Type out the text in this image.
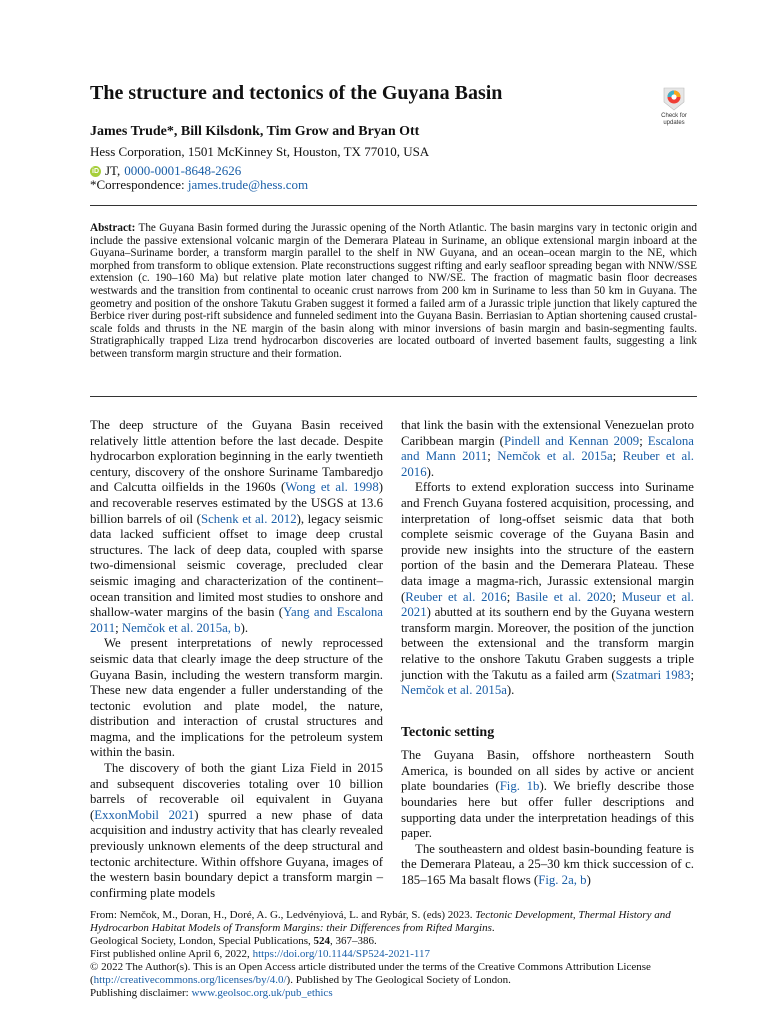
The structure and tectonics of the Guyana Basin
Check for
updates
James Trude*, Bill Kilsdonk, Tim Grow and Bryan Ott
Hess Corporation, 1501 McKinney St, Houston, TX 77010, USA
iD JT, 0000-0001-8648-2626
*Correspondence: james.trude@hess.com

Abstract: The Guyana Basin formed during the Jurassic opening of the North Atlantic. The basin margins vary in tectonic origin and include the passive extensional volcanic margin of the Demerara Plateau in Suriname, an oblique extensional margin inboard at the Guyana–Suriname border, a transform margin parallel to the shelf in NW Guyana, and an ocean–ocean margin to the NE, which morphed from transform to oblique extension. Plate reconstructions suggest rifting and early seafloor spreading began with NNW/SSE extension (c. 190–160 Ma) but relative plate motion later changed to NW/SE. The fraction of magmatic basin floor decreases westwards and the transition from continental to oceanic crust narrows from 200 km in Suriname to less than 50 km in Guyana. The geometry and position of the onshore Takutu Graben suggest it formed a failed arm of a Jurassic triple junction that likely captured the Berbice river during post-rift subsidence and funneled sediment into the Guyana Basin. Berriasian to Aptian shortening caused crustal-scale folds and thrusts in the NE margin of the basin along with minor inversions of basin margin and basin-segmenting faults. Stratigraphically trapped Liza trend hydrocarbon discoveries are located outboard of inverted basement faults, suggesting a link between transform margin structure and their formation.

The deep structure of the Guyana Basin received relatively little attention before the last decade. Despite hydrocarbon exploration beginning in the early twentieth century, discovery of the onshore Suriname Tambaredjo and Calcutta oilfields in the 1960s (Wong et al. 1998) and recoverable reserves estimated by the USGS at 13.6 billion barrels of oil (Schenk et al. 2012), legacy seismic data lacked sufficient offset to image deep crustal structures. The lack of deep data, coupled with sparse two-dimensional seismic coverage, precluded clear seismic imaging and characterization of the continent–ocean transition and limited most studies to onshore and shallow-water margins of the basin (Yang and Escalona 2011; Nemčok et al. 2015a, b).

We present interpretations of newly reprocessed seismic data that clearly image the deep structure of the Guyana Basin, including the western transform margin. These new data engender a fuller understanding of the tectonic evolution and plate model, the nature, distribution and interaction of crustal structures and magma, and the implications for the petroleum system within the basin.

The discovery of both the giant Liza Field in 2015 and subsequent discoveries totaling over 10 billion barrels of recoverable oil equivalent in Guyana (ExxonMobil 2021) spurred a new phase of data acquisition and industry activity that has clearly revealed previously unknown elements of the deep structural and tectonic architecture. Within offshore Guyana, images of the western basin boundary depict a transform margin – confirming plate models

that link the basin with the extensional Venezuelan proto Caribbean margin (Pindell and Kennan 2009; Escalona and Mann 2011; Nemčok et al. 2015a; Reuber et al. 2016).

Efforts to extend exploration success into Suriname and French Guyana fostered acquisition, processing, and interpretation of long-offset seismic data that both complete seismic coverage of the Guyana Basin and provide new insights into the structure of the eastern portion of the basin and the Demerara Plateau. These data image a magma-rich, Jurassic extensional margin (Reuber et al. 2016; Basile et al. 2020; Museur et al. 2021) abutted at its southern end by the Guyana western transform margin. Moreover, the position of the junction between the extensional and the transform margin relative to the onshore Takutu Graben suggests a triple junction with the Takutu as a failed arm (Szatmari 1983; Nemčok et al. 2015a).

Tectonic setting

The Guyana Basin, offshore northeastern South America, is bounded on all sides by active or ancient plate boundaries (Fig. 1b). We briefly describe those boundaries here but offer fuller descriptions and supporting data under the interpretation headings of this paper.

The southeastern and oldest basin-bounding feature is the Demerara Plateau, a 25–30 km thick succession of c. 185–165 Ma basalt flows (Fig. 2a, b)

From: Nemčok, M., Doran, H., Doré, A. G., Ledvényiová, L. and Rybár, S. (eds) 2023. Tectonic Development, Thermal History and Hydrocarbon Habitat Models of Transform Margins: their Differences from Rifted Margins.

Geological Society, London, Special Publications, 524, 367–386.

First published online April 6, 2022, https://doi.org/10.1144/SP524-2021-117

© 2022 The Author(s). This is an Open Access article distributed under the terms of the Creative Commons Attribution License (http://creativecommons.org/licenses/by/4.0/). Published by The Geological Society of London.

Publishing disclaimer: www.geolsoc.org.uk/pub_ethics
